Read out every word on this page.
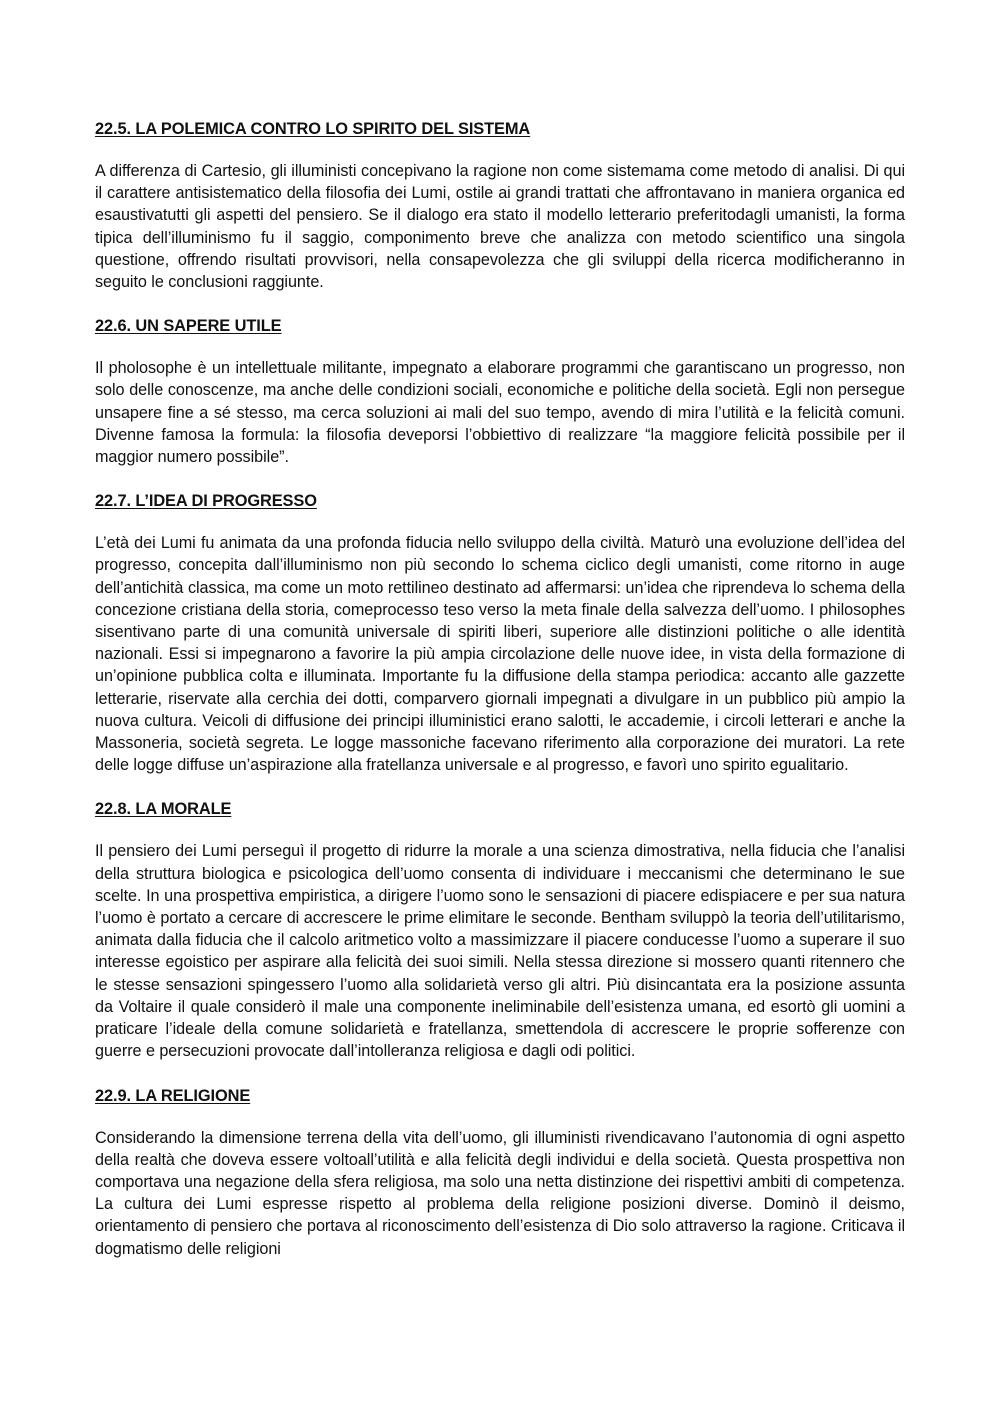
22.5. LA POLEMICA CONTRO LO SPIRITO DEL SISTEMA

A differenza di Cartesio, gli illuministi concepivano la ragione non come sistemama come metodo di analisi. Di qui il carattere antisistematico della filosofia dei Lumi, ostile ai grandi trattati che affrontavano in maniera organica ed esaustivatutti gli aspetti del pensiero. Se il dialogo era stato il modello letterario preferitodagli umanisti, la forma tipica dell’illuminismo fu il saggio, componimento breve che analizza con metodo scientifico una singola questione, offrendo risultati provvisori, nella consapevolezza che gli sviluppi della ricerca modificheranno in seguito le conclusioni raggiunte.

22.6. UN SAPERE UTILE

Il pholosophe è un intellettuale militante, impegnato a elaborare programmi che garantiscano un progresso, non solo delle conoscenze, ma anche delle condizioni sociali, economiche e politiche della società. Egli non persegue unsapere fine a sé stesso, ma cerca soluzioni ai mali del suo tempo, avendo di mira l’utilità e la felicità comuni. Divenne famosa la formula: la filosofia deveporsi l’obbiettivo di realizzare “la maggiore felicità possibile per il maggior numero possibile”.

22.7. L’IDEA DI PROGRESSO

L’età dei Lumi fu animata da una profonda fiducia nello sviluppo della civiltà. Maturò una evoluzione dell’idea del progresso, concepita dall’illuminismo non più secondo lo schema ciclico degli umanisti, come ritorno in auge dell’antichità classica, ma come un moto rettilineo destinato ad affermarsi: un’idea che riprendeva lo schema della concezione cristiana della storia, comeprocesso teso verso la meta finale della salvezza dell’uomo. I philosophes sisentivano parte di una comunità universale di spiriti liberi, superiore alle distinzioni politiche o alle identità nazionali. Essi si impegnarono a favorire la più ampia circolazione delle nuove idee, in vista della formazione di un’opinione pubblica colta e illuminata. Importante fu la diffusione della stampa periodica: accanto alle gazzette letterarie, riservate alla cerchia dei dotti, comparvero giornali impegnati a divulgare in un pubblico più ampio la nuova cultura. Veicoli di diffusione dei principi illuministici erano salotti, le accademie, i circoli letterari e anche la Massoneria, società segreta. Le logge massoniche facevano riferimento alla corporazione dei muratori. La rete delle logge diffuse un’aspirazione alla fratellanza universale e al progresso, e favorì uno spirito egualitario.

22.8. LA MORALE

Il pensiero dei Lumi perseguì il progetto di ridurre la morale a una scienza dimostrativa, nella fiducia che l’analisi della struttura biologica e psicologica dell’uomo consenta di individuare i meccanismi che determinano le sue scelte. In una prospettiva empiristica, a dirigere l’uomo sono le sensazioni di piacere edispiacere e per sua natura l’uomo è portato a cercare di accrescere le prime elimitare le seconde. Bentham sviluppò la teoria dell’utilitarismo, animata dalla fiducia che il calcolo aritmetico volto a massimizzare il piacere conducesse l’uomo a superare il suo interesse egoistico per aspirare alla felicità dei suoi simili. Nella stessa direzione si mossero quanti ritennero che le stesse sensazioni spingessero l’uomo alla solidarietà verso gli altri. Più disincantata era la posizione assunta da Voltaire il quale considerò il male una componente ineliminabile dell’esistenza umana, ed esortò gli uomini a praticare l’ideale della comune solidarietà e fratellanza, smettendola di accrescere le proprie sofferenze con guerre e persecuzioni provocate dall’intolleranza religiosa e dagli odi politici.

22.9. LA RELIGIONE

Considerando la dimensione terrena della vita dell’uomo, gli illuministi rivendicavano l’autonomia di ogni aspetto della realtà che doveva essere voltoall’utilità e alla felicità degli individui e della società. Questa prospettiva non comportava una negazione della sfera religiosa, ma solo una netta distinzione dei rispettivi ambiti di competenza. La cultura dei Lumi espresse rispetto al problema della religione posizioni diverse. Dominò il deismo, orientamento di pensiero che portava al riconoscimento dell’esistenza di Dio solo attraverso la ragione. Criticava il dogmatismo delle religioni
